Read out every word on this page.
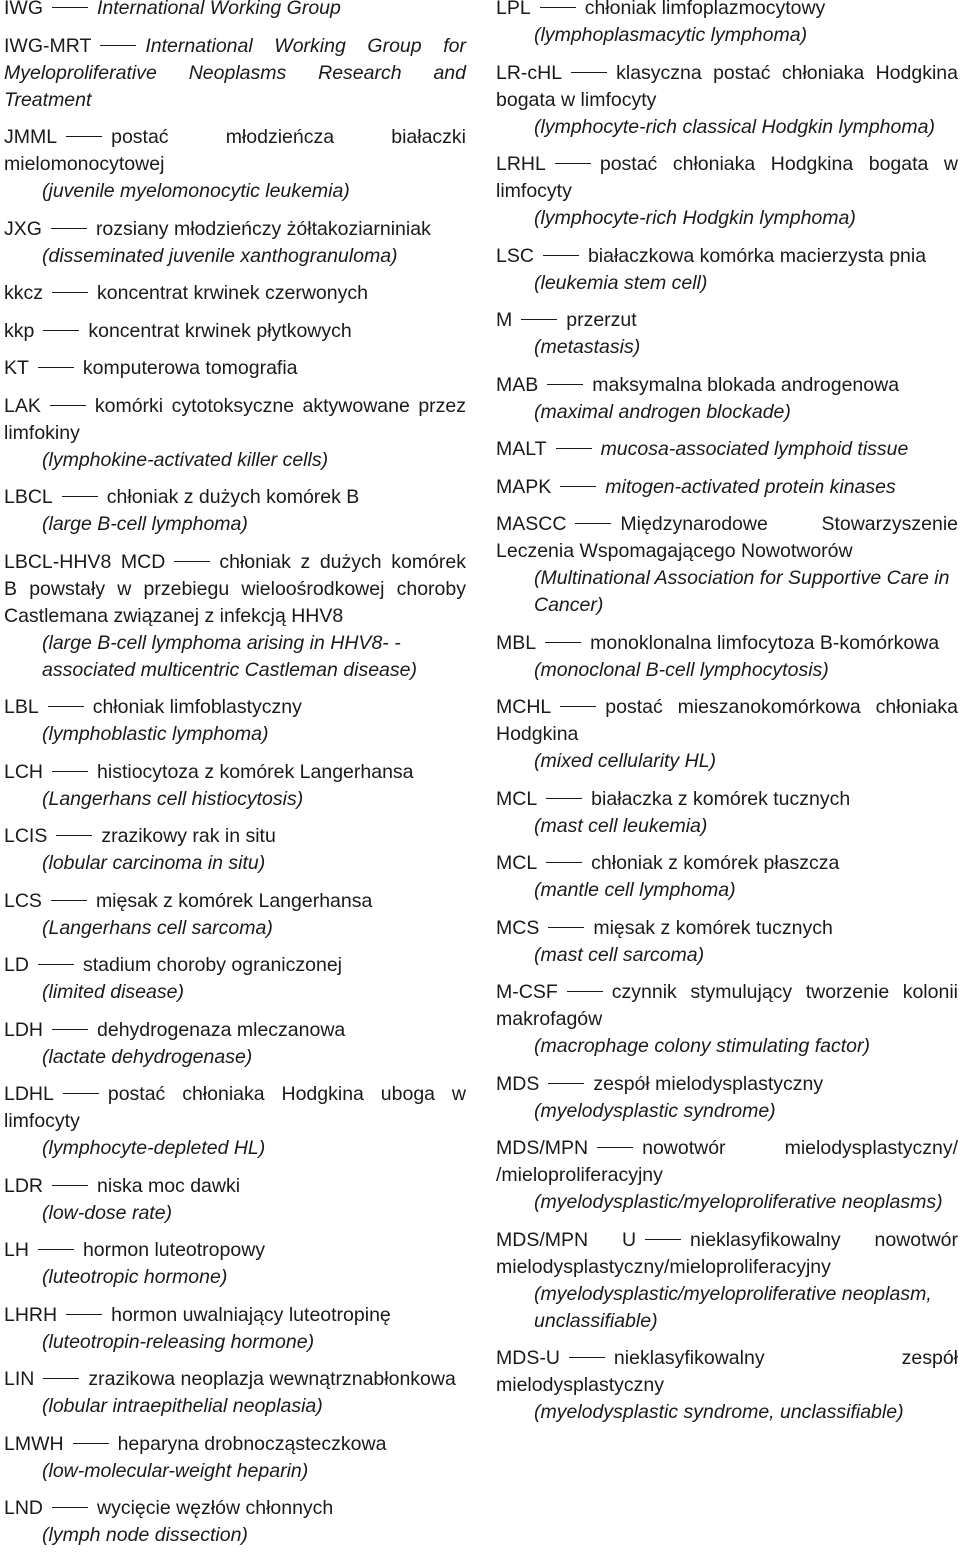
IWG	International Working Group
IWG-MRT	International Working Group for Myeloproliferative Neoplasms Research and Treatment
JMML	postać młodzieńcza białaczki mielomonocytowej
(juvenile myelomonocytic leukemia)
JXG	rozsiany młodzieńczy żółtakoziarniniak
(disseminated juvenile xanthogranuloma)
kkcz	koncentrat krwinek czerwonych
kkp	koncentrat krwinek płytkowych
KT	komputerowa tomografia
LAK	komórki cytotoksyczne aktywowane przez limfokiny
(lymphokine-activated killer cells)
LBCL	chłoniak z dużych komórek B
(large B-cell lymphoma)
LBCL-HHV8 MCD	chłoniak z dużych komórek B powstały w przebiegu wieloośrodkowej choroby Castlemana związanej z infekcją HHV8
(large B-cell lymphoma arising in HHV8- -associated multicentric Castleman disease)
LBL	chłoniak limfoblastyczny
(lymphoblastic lymphoma)
LCH	histiocytoza z komórek Langerhansa
(Langerhans cell histiocytosis)
LCIS	zrazikowy rak in situ
(lobular carcinoma in situ)
LCS	mięsak z komórek Langerhansa
(Langerhans cell sarcoma)
LD	stadium choroby ograniczonej
(limited disease)
LDH	dehydrogenaza mleczanowa
(lactate dehydrogenase)
LDHL	postać chłoniaka Hodgkina uboga w limfocyty
(lymphocyte-depleted HL)
LDR	niska moc dawki
(low-dose rate)
LH	hormon luteotropowy
(luteotropic hormone)
LHRH	hormon uwalniający luteotropinę
(luteotropin-releasing hormone)
LIN	zrazikowa neoplazja wewnątrznabłonkowa
(lobular intraepithelial neoplasia)
LMWH	heparyna drobnocząsteczkowa
(low-molecular-weight heparin)
LND	wycięcie węzłów chłonnych
(lymph node dissection)
LPL	chłoniak limfoplazmocytowy
(lymphoplasmacytic lymphoma)
LR-cHL	klasyczna postać chłoniaka Hodgkina bogata w limfocyty
(lymphocyte-rich classical Hodgkin lymphoma)
LRHL	postać chłoniaka Hodgkina bogata w limfocyty
(lymphocyte-rich Hodgkin lymphoma)
LSC	białaczkowa komórka macierzysta pnia
(leukemia stem cell)
M	przerzut
(metastasis)
MAB	maksymalna blokada androgenowa
(maximal androgen blockade)
MALT	mucosa-associated lymphoid tissue
MAPK	mitogen-activated protein kinases
MASCC	Międzynarodowe Stowarzyszenie Leczenia Wspomagającego Nowotworów
(Multinational Association for Supportive Care in Cancer)
MBL	monoklonalna limfocytoza B-komórkowa
(monoclonal B-cell lymphocytosis)
MCHL	postać mieszanokomórkowa chłoniaka Hodgkina
(mixed cellularity HL)
MCL	białaczka z komórek tucznych
(mast cell leukemia)
MCL	chłoniak z komórek płaszcza
(mantle cell lymphoma)
MCS	mięsak z komórek tucznych
(mast cell sarcoma)
M-CSF	czynnik stymulujący tworzenie kolonii makrofagów
(macrophage colony stimulating factor)
MDS	zespół mielodysplastyczny
(myelodysplastic syndrome)
MDS/MPN	nowotwór mielodysplastyczny/ /mieloproliferacyjny
(myelodysplastic/myeloproliferative neoplasms)
MDS/MPN U	nieklasyfikowalny nowotwór mielodysplastyczny/mieloproliferacyjny
(myelodysplastic/myeloproliferative neoplasm, unclassifiable)
MDS-U	nieklasyfikowalny zespół mielodysplastyczny
(myelodysplastic syndrome, unclassifiable)
